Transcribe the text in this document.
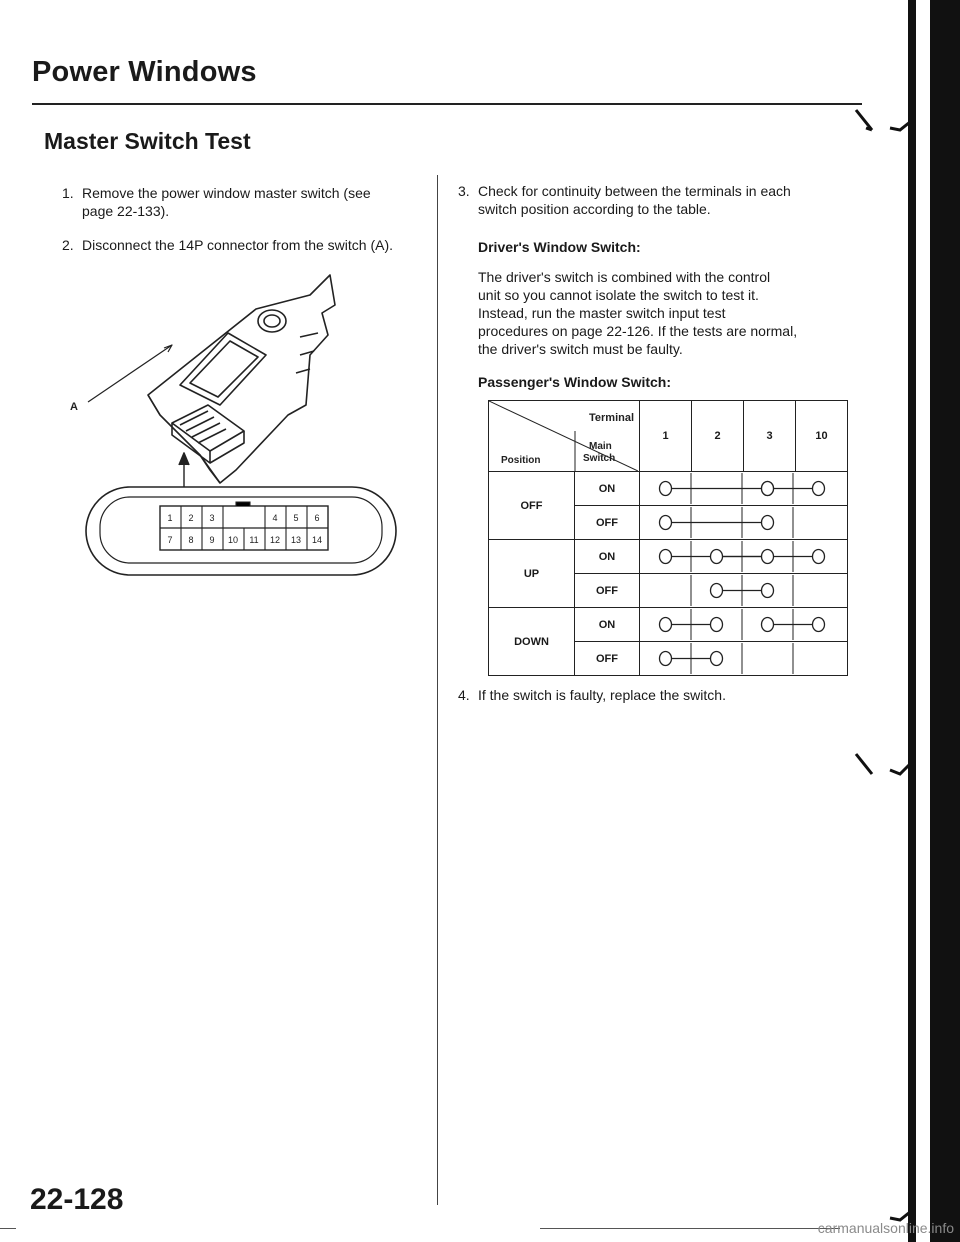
Power Windows
Master Switch Test
1. Remove the power window master switch (see
page 22-133).
2. Disconnect the 14P connector from the switch (A).
A
1 2 3	4 5 6
7 8 9 10 11 12 13 14
3. Check for continuity between the terminals in each
switch position according to the table.
Driver's Window Switch:
The driver's switch is combined with the control
unit so you cannot isolate the switch to test it.
Instead, run the master switch input test
procedures on page 22-126. If the tests are normal,
the driver's switch must be faulty.
Passenger's Window Switch:
Terminal
Position
Main
Switch		1	2	3	10
OFF	ON	

	OFF	

UP	ON	

	OFF	

DOWN	ON	

	OFF	
4. If the switch is faulty, replace the switch.
22-128
carmanualsonline.info
